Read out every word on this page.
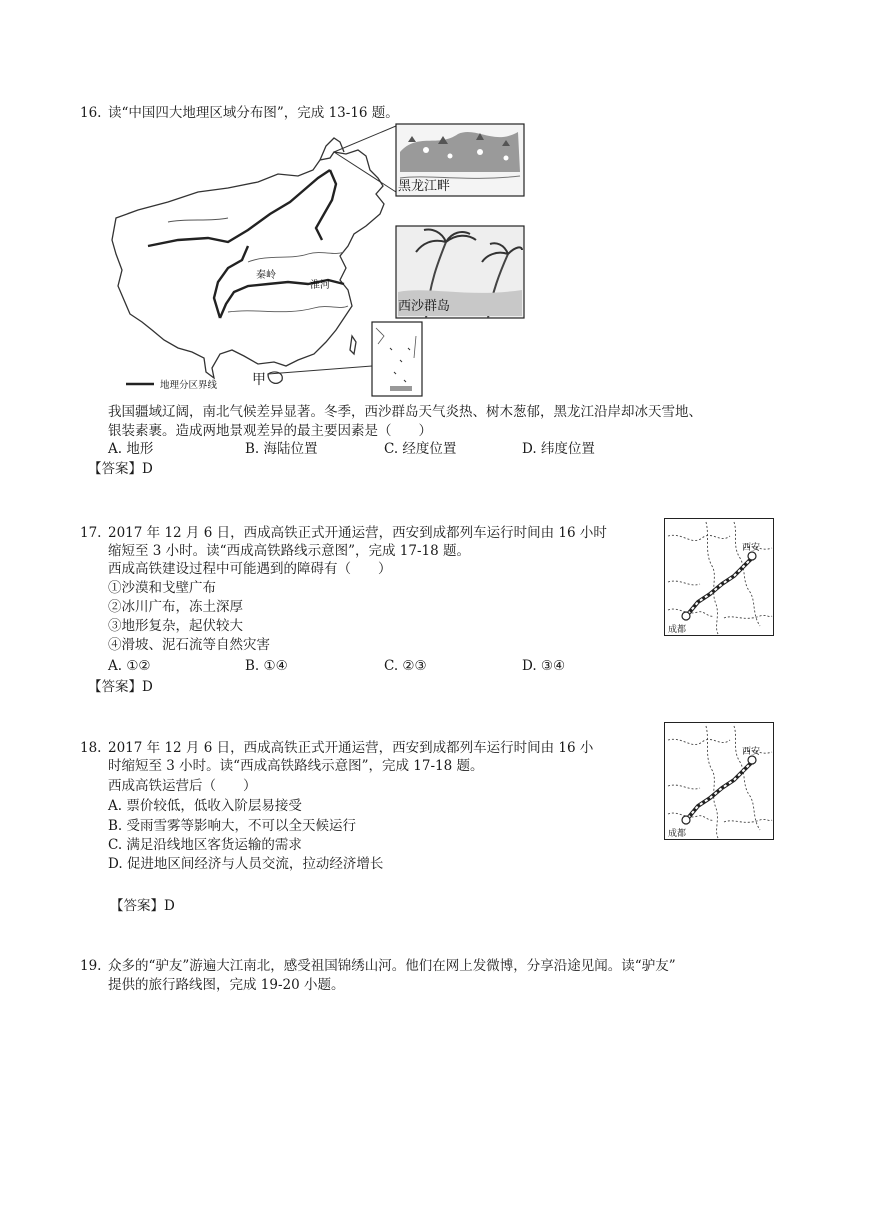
16. 读“中国四大地理区域分布图”，完成 13-16 题。
秦岭
淮河
甲
地理分区界线
黑龙江畔
西沙群岛
我国疆域辽阔，南北气候差异显著。冬季，西沙群岛天气炎热、树木葱郁，黑龙江沿岸却冰天雪地、
银装素裹。造成两地景观差异的最主要因素是（　　）
A. 地形	B. 海陆位置	C. 经度位置	D. 纬度位置
【答案】D
17. 2017 年 12 月 6 日，西成高铁正式开通运营，西安到成都列车运行时间由 16 小时
缩短至 3 小时。读“西成高铁路线示意图”，完成 17-18 题。
西成高铁建设过程中可能遇到的障碍有（　　）
①沙漠和戈壁广布
②冰川广布，冻土深厚
③地形复杂，起伏较大
④滑坡、泥石流等自然灾害
A. ①②	B. ①④	C. ②③	D. ③④
【答案】D
西安
成都
18. 2017 年 12 月 6 日，西成高铁正式开通运营，西安到成都列车运行时间由 16 小
时缩短至 3 小时。读“西成高铁路线示意图”，完成 17-18 题。
西成高铁运营后（　　）
A. 票价较低，低收入阶层易接受
B. 受雨雪雾等影响大，不可以全天候运行
C. 满足沿线地区客货运输的需求
D. 促进地区间经济与人员交流，拉动经济增长
【答案】D
西安
成都
19. 众多的“驴友”游遍大江南北，感受祖国锦绣山河。他们在网上发微博，分享沿途见闻。读“驴友”
提供的旅行路线图，完成 19-20 小题。
